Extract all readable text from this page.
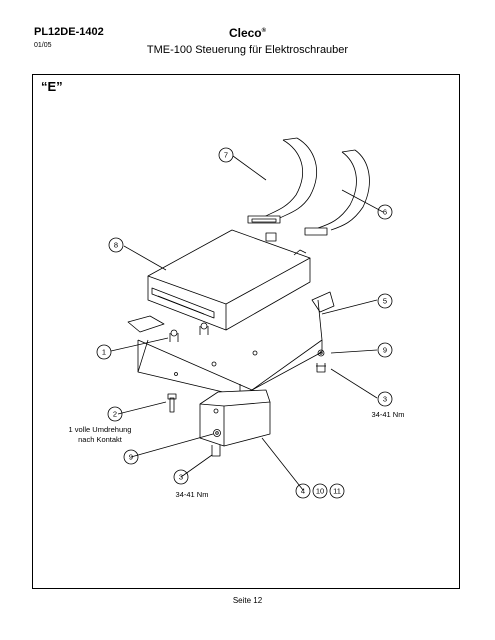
PL12DE-1402
01/05
Cleco®
TME-100 Steuerung für Elektroschrauber
“E”
7
6
8
5
1	9
3
2
9
3
4 10 11
34-41 Nm
1 volle Umdrehung
nach Kontakt
34-41 Nm
Seite 12
